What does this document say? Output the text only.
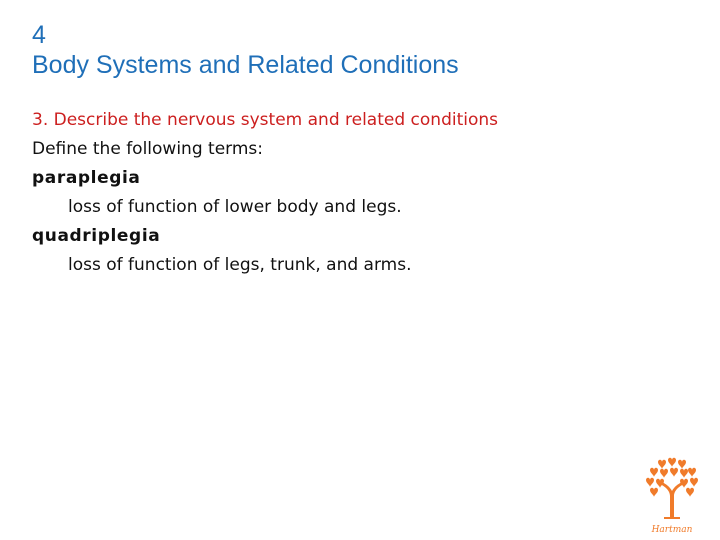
4
Body Systems and Related Conditions
3. Describe the nervous system and related conditions
Define the following terms:
paraplegia
loss of function of lower body and legs.
quadriplegia
loss of function of legs, trunk, and arms.
Hartman
